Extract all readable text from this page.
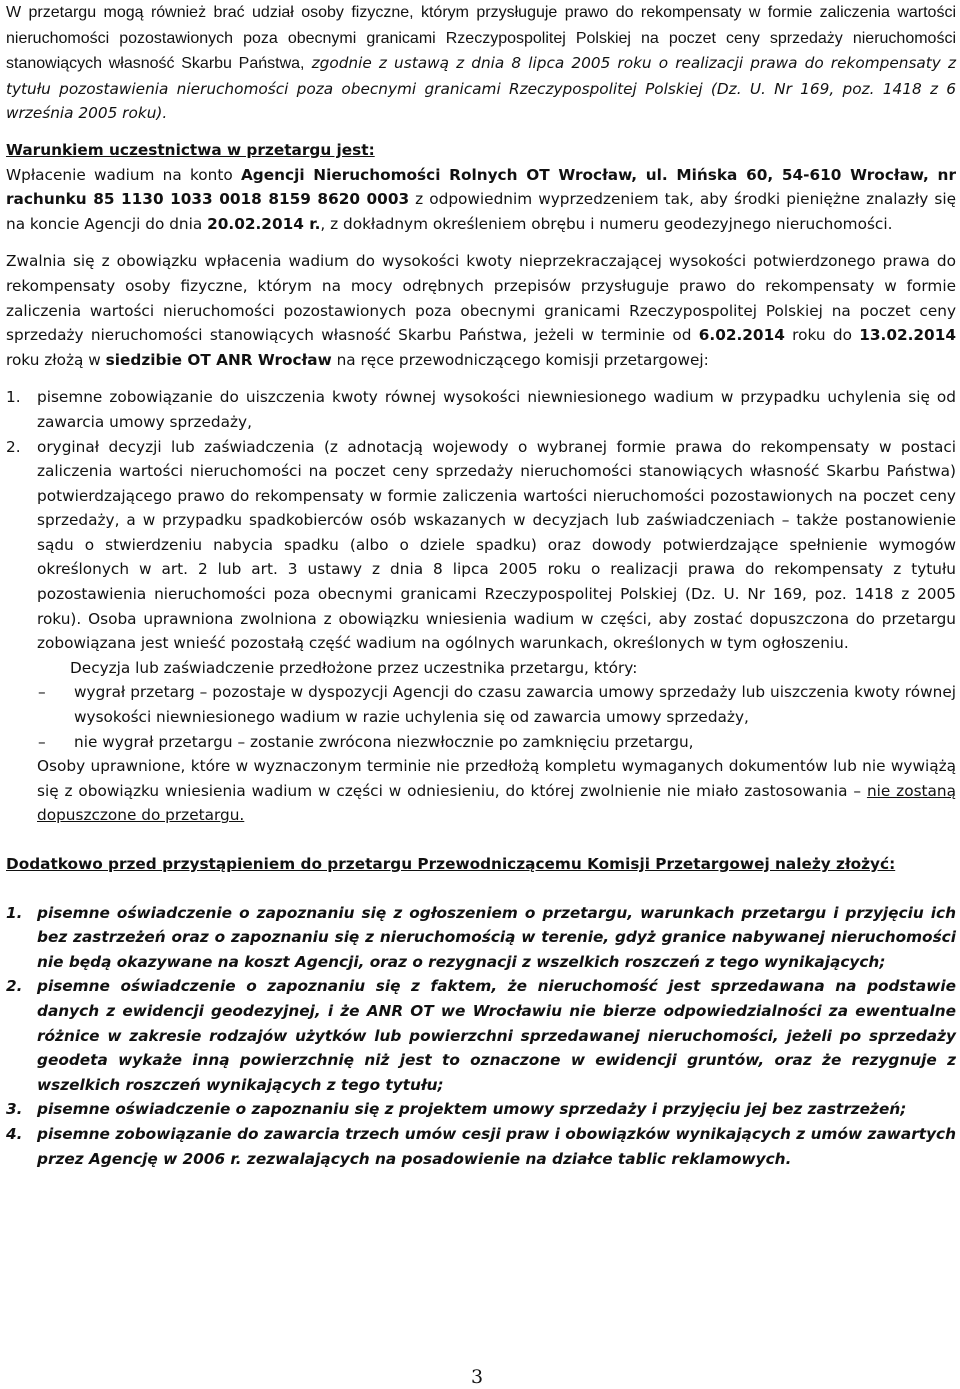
W przetargu mogą również brać udział osoby fizyczne, którym przysługuje prawo do rekompensaty w formie zaliczenia wartości nieruchomości pozostawionych poza obecnymi granicami Rzeczypospolitej Polskiej na poczet ceny sprzedaży nieruchomości stanowiących własność Skarbu Państwa, zgodnie z ustawą z dnia 8 lipca 2005 roku o realizacji prawa do rekompensaty z tytułu pozostawienia nieruchomości poza obecnymi granicami Rzeczypospolitej Polskiej (Dz. U. Nr 169, poz. 1418 z 6 września 2005 roku).

Warunkiem uczestnictwa w przetargu jest:

Wpłacenie wadium na konto Agencji Nieruchomości Rolnych OT Wrocław, ul. Mińska 60, 54-610 Wrocław, nr rachunku 85 1130 1033 0018 8159 8620 0003 z odpowiednim wyprzedzeniem tak, aby środki pieniężne znalazły się na koncie Agencji do dnia 20.02.2014 r., z dokładnym określeniem obrębu i numeru geodezyjnego nieruchomości.

Zwalnia się z obowiązku wpłacenia wadium do wysokości kwoty nieprzekraczającej wysokości potwierdzonego prawa do rekompensaty osoby fizyczne, którym na mocy odrębnych przepisów przysługuje prawo do rekompensaty w formie zaliczenia wartości nieruchomości pozostawionych poza obecnymi granicami Rzeczypospolitej Polskiej na poczet ceny sprzedaży nieruchomości stanowiących własność Skarbu Państwa, jeżeli w terminie od 6.02.2014 roku do 13.02.2014 roku złożą w siedzibie OT ANR Wrocław na ręce przewodniczącego komisji przetargowej:

1. pisemne zobowiązanie do uiszczenia kwoty równej wysokości niewniesionego wadium w przypadku uchylenia się od zawarcia umowy sprzedaży,
2. oryginał decyzji lub zaświadczenia (z adnotacją wojewody o wybranej formie prawa do rekompensaty w postaci zaliczenia wartości nieruchomości na poczet ceny sprzedaży nieruchomości stanowiących własność Skarbu Państwa) potwierdzającego prawo do rekompensaty w formie zaliczenia wartości nieruchomości pozostawionych na poczet ceny sprzedaży, a w przypadku spadkobierców osób wskazanych w decyzjach lub zaświadczeniach – także postanowienie sądu o stwierdzeniu nabycia spadku (albo o dziele spadku) oraz dowody potwierdzające spełnienie wymogów określonych w art. 2 lub art. 3 ustawy z dnia 8 lipca 2005 roku o realizacji prawa do rekompensaty z tytułu pozostawienia nieruchomości poza obecnymi granicami Rzeczypospolitej Polskiej (Dz. U. Nr 169, poz. 1418 z 2005 roku). Osoba uprawniona zwolniona z obowiązku wniesienia wadium w części, aby zostać dopuszczona do przetargu zobowiązana jest wnieść pozostałą część wadium na ogólnych warunkach, określonych w tym ogłoszeniu.

Decyzja lub zaświadczenie przedłożone przez uczestnika przetargu, który:

– wygrał przetarg – pozostaje w dyspozycji Agencji do czasu zawarcia umowy sprzedaży lub uiszczenia kwoty równej wysokości niewniesionego wadium w razie uchylenia się od zawarcia umowy sprzedaży,
– nie wygrał przetargu – zostanie zwrócona niezwłocznie po zamknięciu przetargu,

Osoby uprawnione, które w wyznaczonym terminie nie przedłożą kompletu wymaganych dokumentów lub nie wywiążą się z obowiązku wniesienia wadium w części w odniesieniu, do której zwolnienie nie miało zastosowania – nie zostaną dopuszczone do przetargu.

Dodatkowo przed przystąpieniem do przetargu Przewodniczącemu Komisji Przetargowej należy złożyć:

1. pisemne oświadczenie o zapoznaniu się z ogłoszeniem o przetargu, warunkach przetargu i przyjęciu ich bez zastrzeżeń oraz o zapoznaniu się z nieruchomością w terenie, gdyż granice nabywanej nieruchomości nie będą okazywane na koszt Agencji, oraz o rezygnacji z wszelkich roszczeń z tego wynikających;
2. pisemne oświadczenie o zapoznaniu się z faktem, że nieruchomość jest sprzedawana na podstawie danych z ewidencji geodezyjnej, i że ANR OT we Wrocławiu nie bierze odpowiedzialności za ewentualne różnice w zakresie rodzajów użytków lub powierzchni sprzedawanej nieruchomości, jeżeli po sprzedaży geodeta wykaże inną powierzchnię niż jest to oznaczone w ewidencji gruntów, oraz że rezygnuje z wszelkich roszczeń wynikających z tego tytułu;
3. pisemne oświadczenie o zapoznaniu się z projektem umowy sprzedaży i przyjęciu jej bez zastrzeżeń;
4. pisemne zobowiązanie do zawarcia trzech umów cesji praw i obowiązków wynikających z umów zawartych przez Agencję w 2006 r. zezwalających na posadowienie na działce tablic reklamowych.
3
